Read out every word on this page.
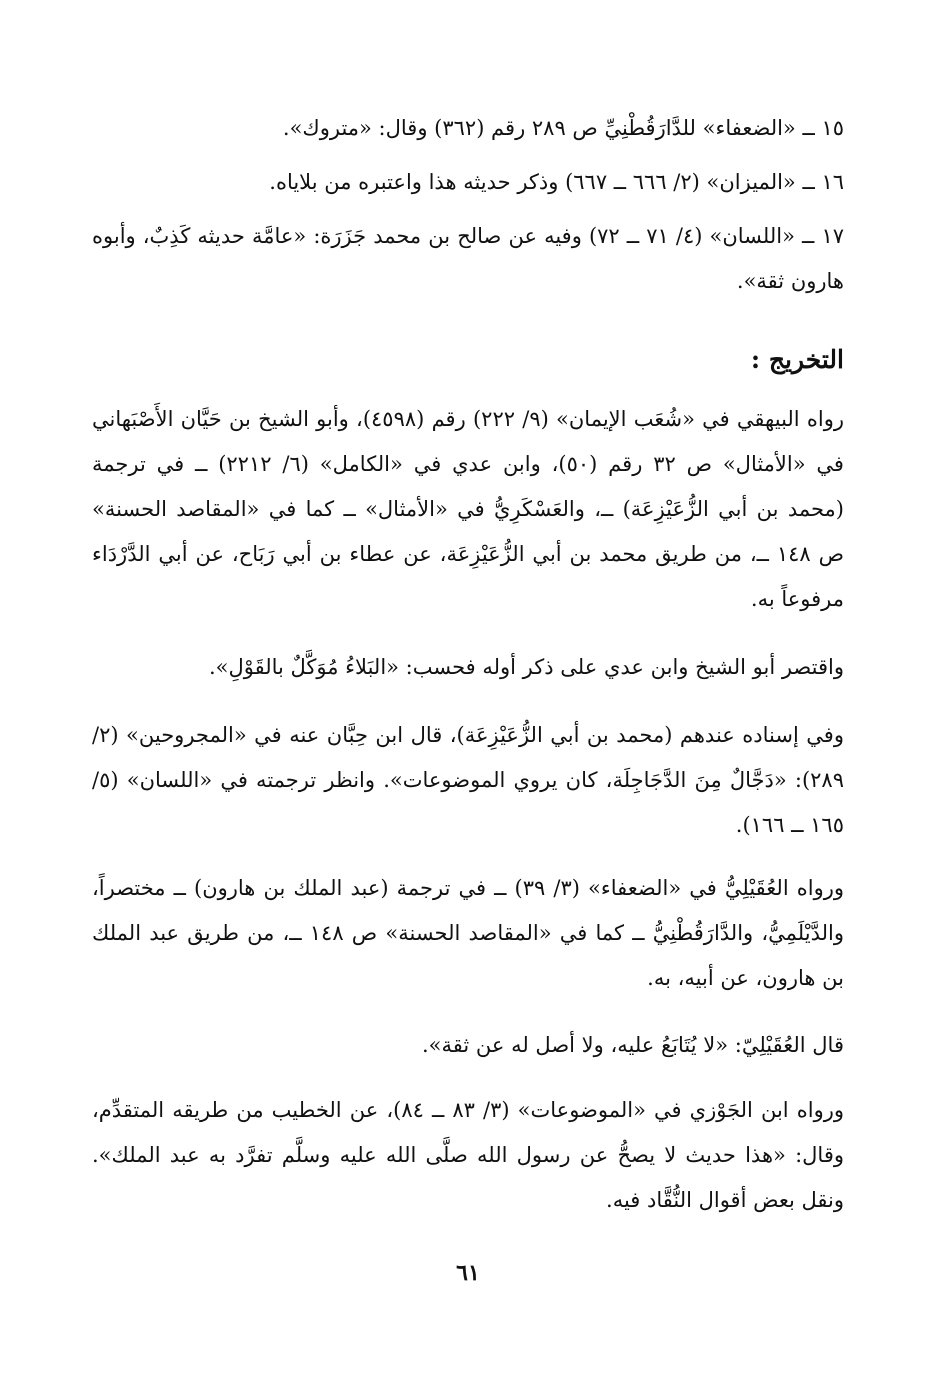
١٥ ــ «الضعفاء» للدَّارَقُطْنِيِّ ص ٢٨٩ رقم (٣٦٢) وقال: «متروك».

١٦ ــ «الميزان» (٢/ ٦٦٦ ــ ٦٦٧) وذكر حديثه هذا واعتبره من بلاياه.

١٧ ــ «اللسان» (٤/ ٧١ ــ ٧٢) وفيه عن صالح بن محمد جَزَرَة: «عامَّة حديثه كَذِبٌ، وأبوه هارون ثقة».

التخريج :

رواه البيهقي في «شُعَب الإيمان» (٩/ ٢٢٢) رقم (٤٥٩٨)، وأبو الشيخ بن حَيَّان الأَصْبَهاني في «الأمثال» ص ٣٢ رقم (٥٠)، وابن عدي في «الكامل» (٦/ ٢٢١٢) ــ في ترجمة (محمد بن أبي الزُّعَيْزِعَة) ــ، والعَسْكَرِيُّ في «الأمثال» ــ كما في «المقاصد الحسنة» ص ١٤٨ ــ، من طريق محمد بن أبي الزُّعَيْزِعَة، عن عطاء بن أبي رَبَاح، عن أبي الدَّرْدَاء مرفوعاً به.

واقتصر أبو الشيخ وابن عدي على ذكر أوله فحسب: «البَلاءُ مُوَكَّلٌ بالقَوْلِ».

وفي إسناده عندهم (محمد بن أبي الزُّعَيْزِعَة)، قال ابن حِبَّان عنه في «المجروحين» (٢/ ٢٨٩): «دَجَّالٌ مِنَ الدَّجَاجِلَة، كان يروي الموضوعات». وانظر ترجمته في «اللسان» (٥/ ١٦٥ ــ ١٦٦).

ورواه العُقَيْلِيُّ في «الضعفاء» (٣/ ٣٩) ــ في ترجمة (عبد الملك بن هارون) ــ مختصراً، والدَّيْلَمِيُّ، والدَّارَقُطْنِيُّ ــ كما في «المقاصد الحسنة» ص ١٤٨ ــ، من طريق عبد الملك بن هارون، عن أبيه، به.

قال العُقَيْلِيّ: «لا يُتَابَعُ عليه، ولا أصل له عن ثقة».

ورواه ابن الجَوْزي في «الموضوعات» (٣/ ٨٣ ــ ٨٤)، عن الخطيب من طريقه المتقدِّم، وقال: «هذا حديث لا يصحُّ عن رسول الله صلَّى الله عليه وسلَّم تفرَّد به عبد الملك». ونقل بعض أقوال النُّقَّاد فيه.

٦١
